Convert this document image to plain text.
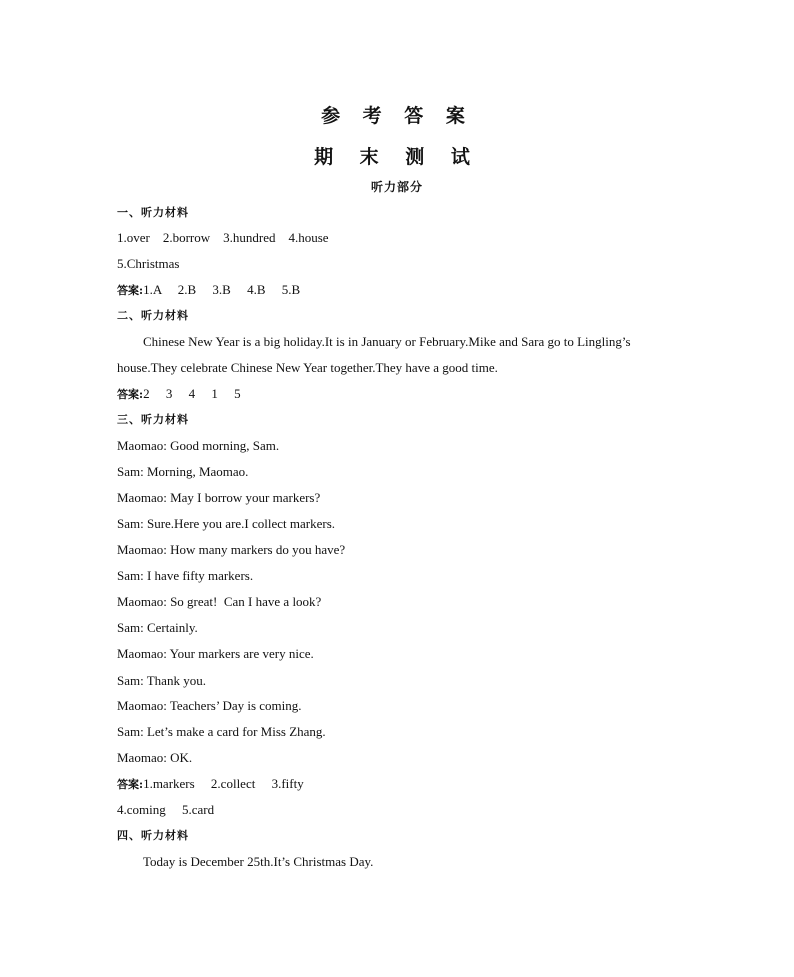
参 考 答 案
期 末 测 试
听力部分
一、听力材料
1.over    2.borrow    3.hundred    4.house
5.Christmas
答案:1.A     2.B     3.B     4.B     5.B
二、听力材料
Chinese New Year is a big holiday.It is in January or February.Mike and Sara go to Lingling’s
house.They celebrate Chinese New Year together.They have a good time.
答案:2     3     4     1     5
三、听力材料
Maomao: Good morning, Sam.
Sam: Morning, Maomao.
Maomao: May I borrow your markers?
Sam: Sure.Here you are.I collect markers.
Maomao: How many markers do you have?
Sam: I have fifty markers.
Maomao: So great!  Can I have a look?
Sam: Certainly.
Maomao: Your markers are very nice.
Sam: Thank you.
Maomao: Teachers’ Day is coming.
Sam: Let’s make a card for Miss Zhang.
Maomao: OK.
答案:1.markers     2.collect     3.fifty
4.coming     5.card
四、听力材料
Today is December 25th.It’s Christmas Day.
